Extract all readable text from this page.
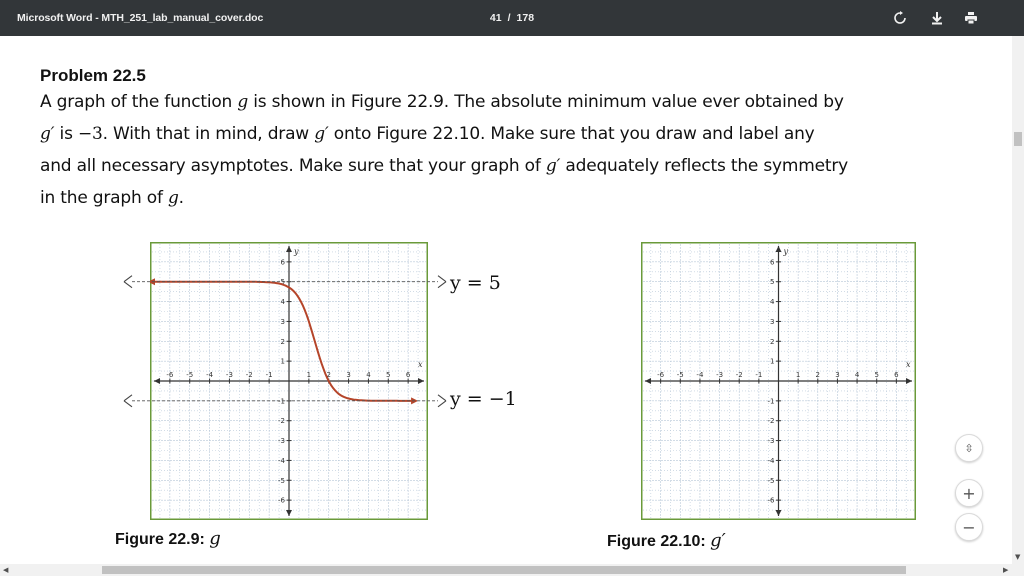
Microsoft Word - MTH_251_lab_manual_cover.doc	41 / 178
Problem 22.5
A graph of the function g is shown in Figure 22.9. The absolute minimum value ever obtained by
g′ is −3. With that in mind, draw g′ onto Figure 22.10. Make sure that you draw and label any
and all necessary asymptotes. Make sure that your graph of g′ adequately reflects the symmetry
in the graph of g.
-6 -5 -4 -3 -2 -1	1 2 3 4 5 6
6
5
4
3
2
1
-1
-2
-3
-4
-5
-6
x
y
y = 5
y = −1
Figure 22.9: g
-6 -5 -4 -3 -2 -1	1 2 3 4 5 6
6
5
4
3
2
1
-1
-2
-3
-4
-5
-6
x
y
Figure 22.10: g′
⇳
+
−
▼
◀	▶
